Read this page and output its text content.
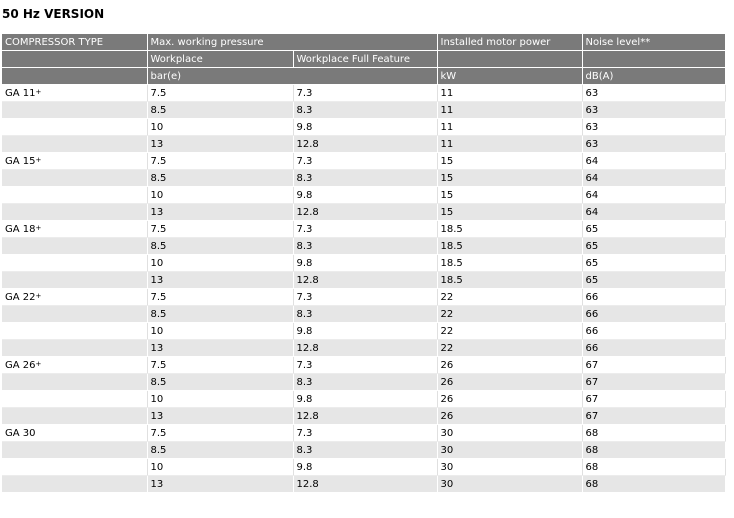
50 Hz VERSION
COMPRESSOR TYPE	Max. working pressure		Installed motor power	Noise level**
	Workplace	Workplace Full Feature		
	bar(e)		kW	dB(A)
GA 11+	7.5	7.3	11	63
	8.5	8.3	11	63
	10	9.8	11	63
	13	12.8	11	63
GA 15+	7.5	7.3	15	64
	8.5	8.3	15	64
	10	9.8	15	64
	13	12.8	15	64
GA 18+	7.5	7.3	18.5	65
	8.5	8.3	18.5	65
	10	9.8	18.5	65
	13	12.8	18.5	65
GA 22+	7.5	7.3	22	66
	8.5	8.3	22	66
	10	9.8	22	66
	13	12.8	22	66
GA 26+	7.5	7.3	26	67
	8.5	8.3	26	67
	10	9.8	26	67
	13	12.8	26	67
GA 30	7.5	7.3	30	68
	8.5	8.3	30	68
	10	9.8	30	68
	13	12.8	30	68
